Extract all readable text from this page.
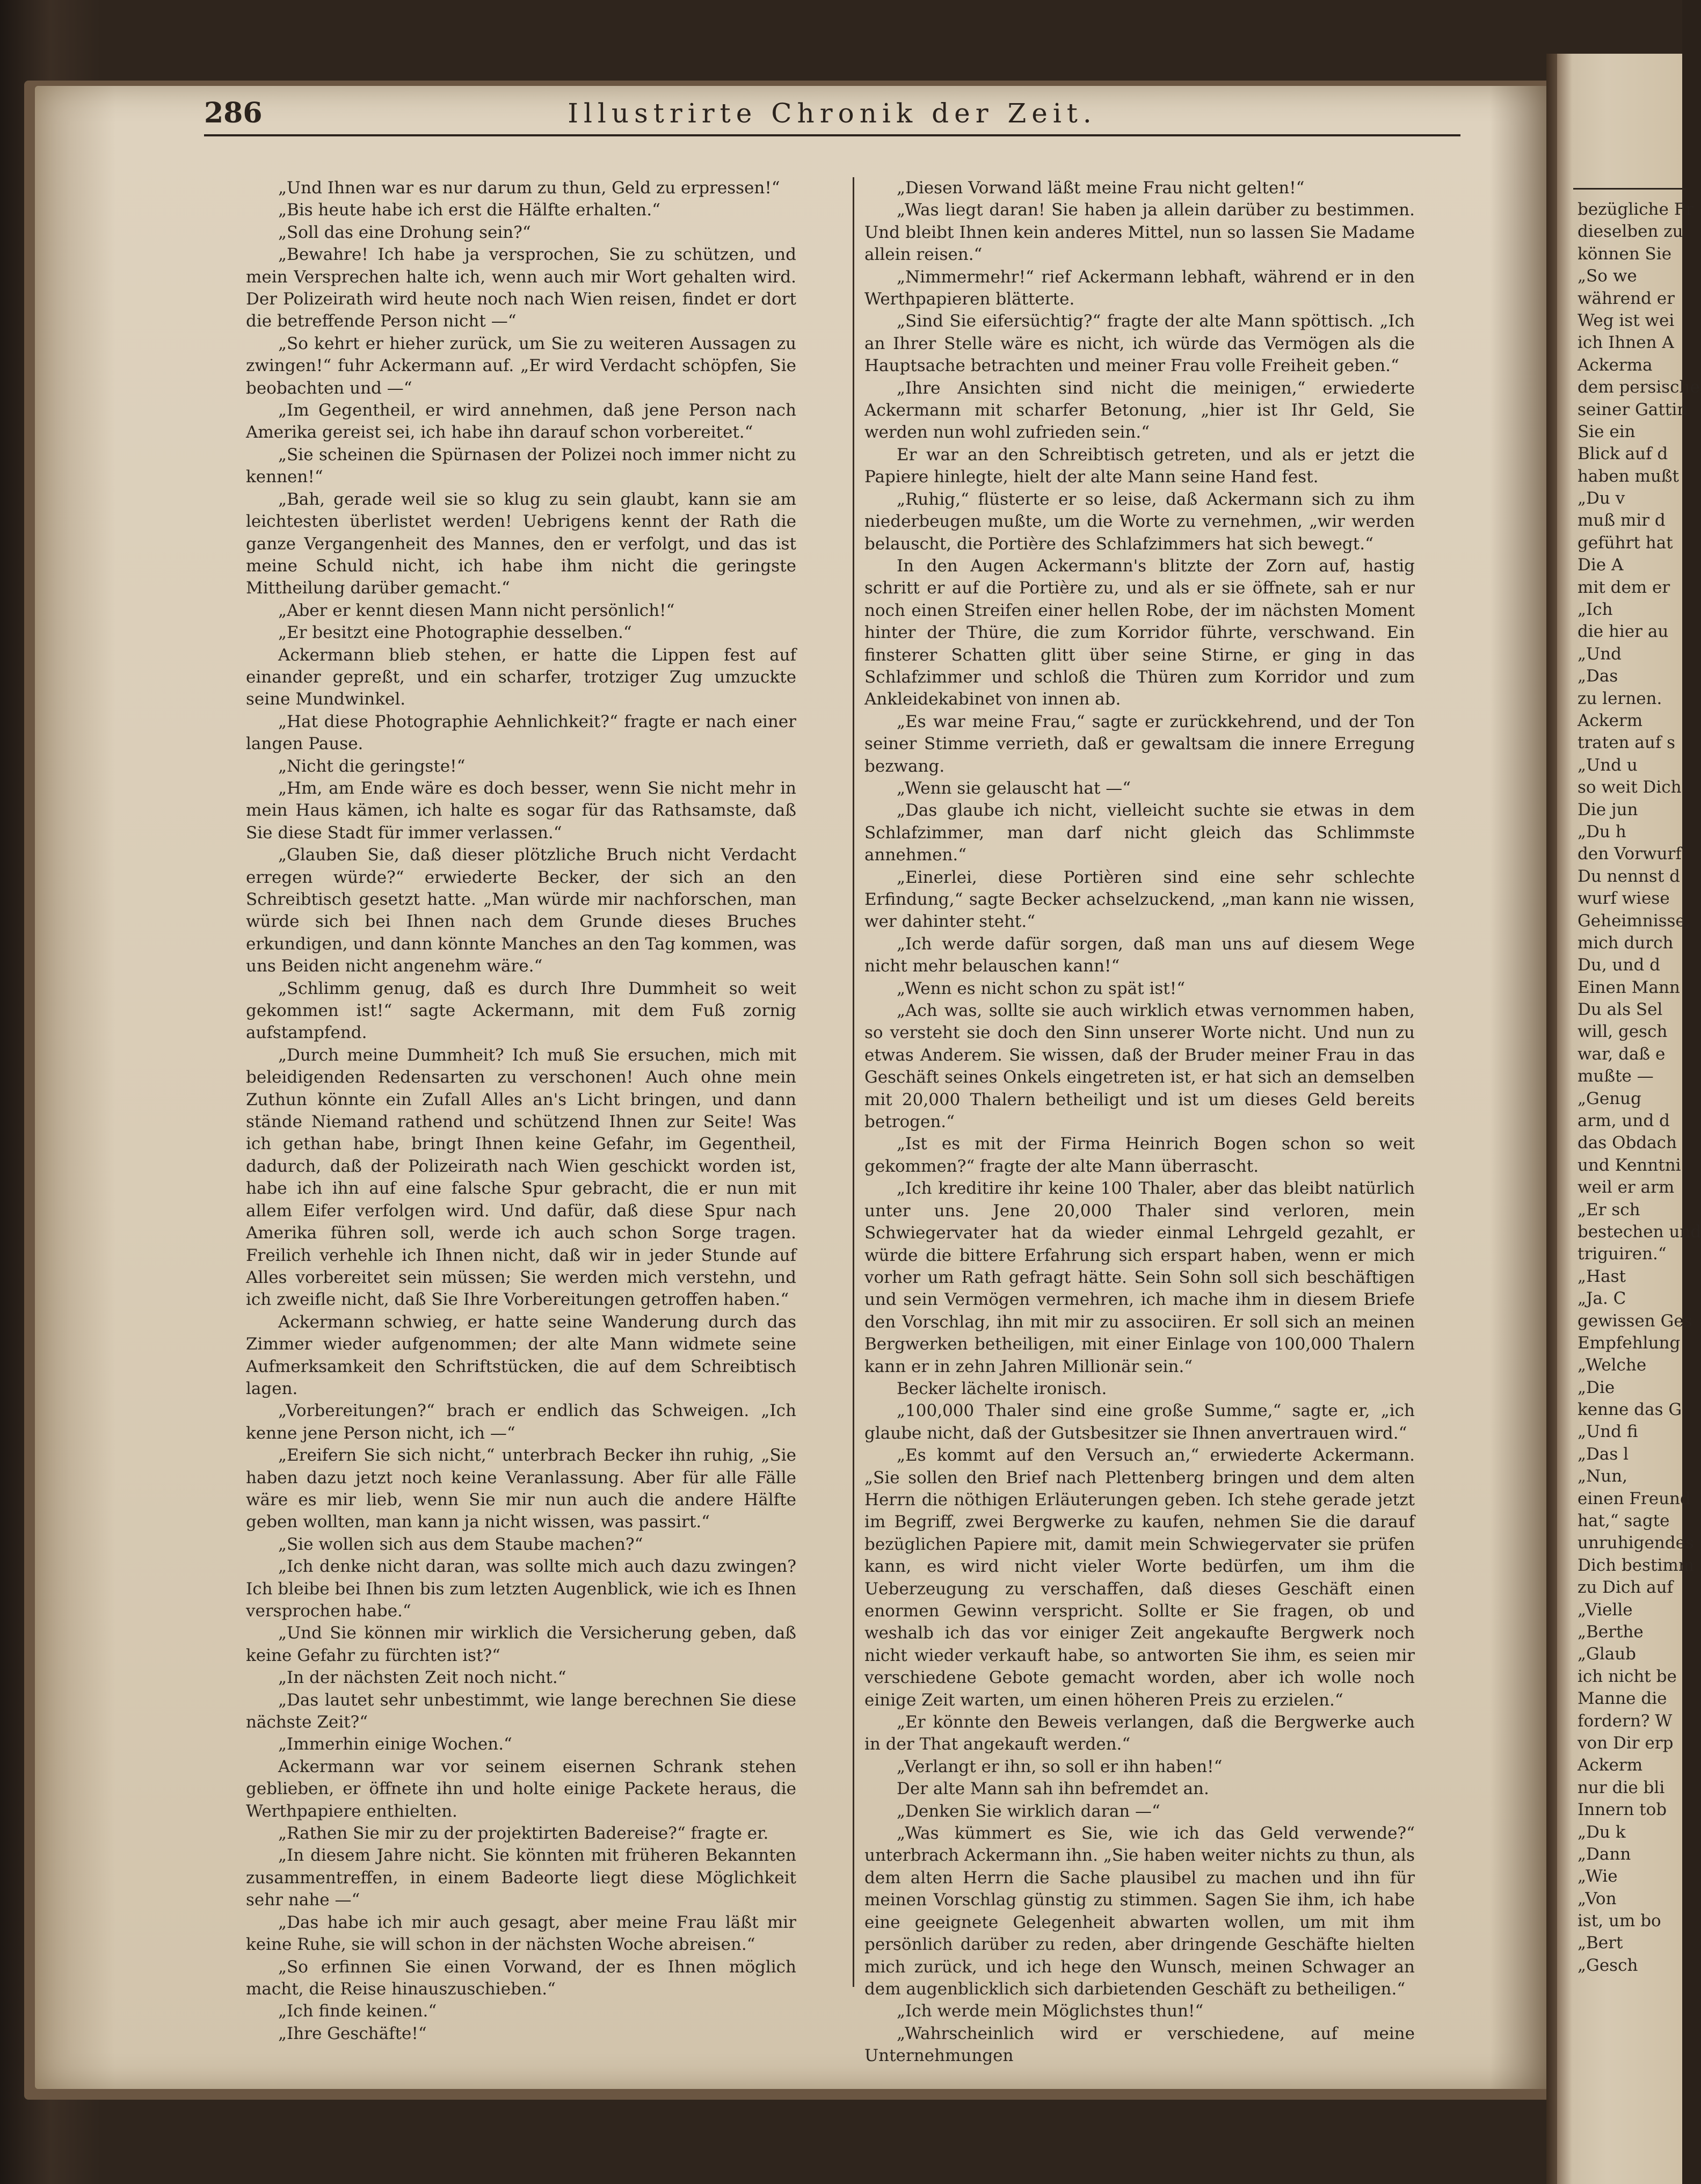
286	Illustrirte Chronik der Zeit.

„Und Ihnen war es nur darum zu thun, Geld zu erpressen!“

„Bis heute habe ich erst die Hälfte erhalten.“

„Soll das eine Drohung sein?“

„Bewahre! Ich habe ja versprochen, Sie zu schützen, und mein Versprechen halte ich, wenn auch mir Wort gehalten wird. Der Polizeirath wird heute noch nach Wien reisen, findet er dort die betreffende Person nicht —“

„So kehrt er hieher zurück, um Sie zu weiteren Aussagen zu zwingen!“ fuhr Ackermann auf. „Er wird Verdacht schöpfen, Sie beobachten und —“

„Im Gegentheil, er wird annehmen, daß jene Person nach Amerika gereist sei, ich habe ihn darauf schon vorbereitet.“

„Sie scheinen die Spürnasen der Polizei noch immer nicht zu kennen!“

„Bah, gerade weil sie so klug zu sein glaubt, kann sie am leichtesten überlistet werden! Uebrigens kennt der Rath die ganze Vergangenheit des Mannes, den er verfolgt, und das ist meine Schuld nicht, ich habe ihm nicht die geringste Mittheilung darüber gemacht.“

„Aber er kennt diesen Mann nicht persönlich!“

„Er besitzt eine Photographie desselben.“

Ackermann blieb stehen, er hatte die Lippen fest auf einander gepreßt, und ein scharfer, trotziger Zug umzuckte seine Mundwinkel.

„Hat diese Photographie Aehnlichkeit?“ fragte er nach einer langen Pause.

„Nicht die geringste!“

„Hm, am Ende wäre es doch besser, wenn Sie nicht mehr in mein Haus kämen, ich halte es sogar für das Rathsamste, daß Sie diese Stadt für immer verlassen.“

„Glauben Sie, daß dieser plötzliche Bruch nicht Verdacht erregen würde?“ erwiederte Becker, der sich an den Schreibtisch gesetzt hatte. „Man würde mir nachforschen, man würde sich bei Ihnen nach dem Grunde dieses Bruches erkundigen, und dann könnte Manches an den Tag kommen, was uns Beiden nicht angenehm wäre.“

„Schlimm genug, daß es durch Ihre Dummheit so weit gekommen ist!“ sagte Ackermann, mit dem Fuß zornig aufstampfend.

„Durch meine Dummheit? Ich muß Sie ersuchen, mich mit beleidigenden Redensarten zu verschonen! Auch ohne mein Zuthun könnte ein Zufall Alles an's Licht bringen, und dann stände Niemand rathend und schützend Ihnen zur Seite! Was ich gethan habe, bringt Ihnen keine Gefahr, im Gegentheil, dadurch, daß der Polizeirath nach Wien geschickt worden ist, habe ich ihn auf eine falsche Spur gebracht, die er nun mit allem Eifer verfolgen wird. Und dafür, daß diese Spur nach Amerika führen soll, werde ich auch schon Sorge tragen. Freilich verhehle ich Ihnen nicht, daß wir in jeder Stunde auf Alles vorbereitet sein müssen; Sie werden mich verstehn, und ich zweifle nicht, daß Sie Ihre Vorbereitungen getroffen haben.“

Ackermann schwieg, er hatte seine Wanderung durch das Zimmer wieder aufgenommen; der alte Mann widmete seine Aufmerksamkeit den Schriftstücken, die auf dem Schreibtisch lagen.

„Vorbereitungen?“ brach er endlich das Schweigen. „Ich kenne jene Person nicht, ich —“

„Ereifern Sie sich nicht,“ unterbrach Becker ihn ruhig, „Sie haben dazu jetzt noch keine Veranlassung. Aber für alle Fälle wäre es mir lieb, wenn Sie mir nun auch die andere Hälfte geben wollten, man kann ja nicht wissen, was passirt.“

„Sie wollen sich aus dem Staube machen?“

„Ich denke nicht daran, was sollte mich auch dazu zwingen? Ich bleibe bei Ihnen bis zum letzten Augenblick, wie ich es Ihnen versprochen habe.“

„Und Sie können mir wirklich die Versicherung geben, daß keine Gefahr zu fürchten ist?“

„In der nächsten Zeit noch nicht.“

„Das lautet sehr unbestimmt, wie lange berechnen Sie diese nächste Zeit?“

„Immerhin einige Wochen.“

Ackermann war vor seinem eisernen Schrank stehen geblieben, er öffnete ihn und holte einige Packete heraus, die Werthpapiere enthielten.

„Rathen Sie mir zu der projektirten Badereise?“ fragte er.

„In diesem Jahre nicht. Sie könnten mit früheren Bekannten zusammentreffen, in einem Badeorte liegt diese Möglichkeit sehr nahe —“

„Das habe ich mir auch gesagt, aber meine Frau läßt mir keine Ruhe, sie will schon in der nächsten Woche abreisen.“

„So erfinnen Sie einen Vorwand, der es Ihnen möglich macht, die Reise hinauszuschieben.“

„Ich finde keinen.“

„Ihre Geschäfte!“

„Diesen Vorwand läßt meine Frau nicht gelten!“

„Was liegt daran! Sie haben ja allein darüber zu bestimmen. Und bleibt Ihnen kein anderes Mittel, nun so lassen Sie Madame allein reisen.“

„Nimmermehr!“ rief Ackermann lebhaft, während er in den Werthpapieren blätterte.

„Sind Sie eifersüchtig?“ fragte der alte Mann spöttisch. „Ich an Ihrer Stelle wäre es nicht, ich würde das Vermögen als die Hauptsache betrachten und meiner Frau volle Freiheit geben.“

„Ihre Ansichten sind nicht die meinigen,“ erwiederte Ackermann mit scharfer Betonung, „hier ist Ihr Geld, Sie werden nun wohl zufrieden sein.“

Er war an den Schreibtisch getreten, und als er jetzt die Papiere hinlegte, hielt der alte Mann seine Hand fest.

„Ruhig,“ flüsterte er so leise, daß Ackermann sich zu ihm niederbeugen mußte, um die Worte zu vernehmen, „wir werden belauscht, die Portière des Schlafzimmers hat sich bewegt.“

In den Augen Ackermann's blitzte der Zorn auf, hastig schritt er auf die Portière zu, und als er sie öffnete, sah er nur noch einen Streifen einer hellen Robe, der im nächsten Moment hinter der Thüre, die zum Korridor führte, verschwand. Ein finsterer Schatten glitt über seine Stirne, er ging in das Schlafzimmer und schloß die Thüren zum Korridor und zum Ankleidekabinet von innen ab.

„Es war meine Frau,“ sagte er zurückkehrend, und der Ton seiner Stimme verrieth, daß er gewaltsam die innere Erregung bezwang.

„Wenn sie gelauscht hat —“

„Das glaube ich nicht, vielleicht suchte sie etwas in dem Schlafzimmer, man darf nicht gleich das Schlimmste annehmen.“

„Einerlei, diese Portièren sind eine sehr schlechte Erfindung,“ sagte Becker achselzuckend, „man kann nie wissen, wer dahinter steht.“

„Ich werde dafür sorgen, daß man uns auf diesem Wege nicht mehr belauschen kann!“

„Wenn es nicht schon zu spät ist!“

„Ach was, sollte sie auch wirklich etwas vernommen haben, so versteht sie doch den Sinn unserer Worte nicht. Und nun zu etwas Anderem. Sie wissen, daß der Bruder meiner Frau in das Geschäft seines Onkels eingetreten ist, er hat sich an demselben mit 20,000 Thalern betheiligt und ist um dieses Geld bereits betrogen.“

„Ist es mit der Firma Heinrich Bogen schon so weit gekommen?“ fragte der alte Mann überrascht.

„Ich kreditire ihr keine 100 Thaler, aber das bleibt natürlich unter uns. Jene 20,000 Thaler sind verloren, mein Schwiegervater hat da wieder einmal Lehrgeld gezahlt, er würde die bittere Erfahrung sich erspart haben, wenn er mich vorher um Rath gefragt hätte. Sein Sohn soll sich beschäftigen und sein Vermögen vermehren, ich mache ihm in diesem Briefe den Vorschlag, ihn mit mir zu associiren. Er soll sich an meinen Bergwerken betheiligen, mit einer Einlage von 100,000 Thalern kann er in zehn Jahren Millionär sein.“

Becker lächelte ironisch.

„100,000 Thaler sind eine große Summe,“ sagte er, „ich glaube nicht, daß der Gutsbesitzer sie Ihnen anvertrauen wird.“

„Es kommt auf den Versuch an,“ erwiederte Ackermann. „Sie sollen den Brief nach Plettenberg bringen und dem alten Herrn die nöthigen Erläuterungen geben. Ich stehe gerade jetzt im Begriff, zwei Bergwerke zu kaufen, nehmen Sie die darauf bezüglichen Papiere mit, damit mein Schwiegervater sie prüfen kann, es wird nicht vieler Worte bedürfen, um ihm die Ueberzeugung zu verschaffen, daß dieses Geschäft einen enormen Gewinn verspricht. Sollte er Sie fragen, ob und weshalb ich das vor einiger Zeit angekaufte Bergwerk noch nicht wieder verkauft habe, so antworten Sie ihm, es seien mir verschiedene Gebote gemacht worden, aber ich wolle noch einige Zeit warten, um einen höheren Preis zu erzielen.“

„Er könnte den Beweis verlangen, daß die Bergwerke auch in der That angekauft werden.“

„Verlangt er ihn, so soll er ihn haben!“

Der alte Mann sah ihn befremdet an.

„Denken Sie wirklich daran —“

„Was kümmert es Sie, wie ich das Geld verwende?“ unterbrach Ackermann ihn. „Sie haben weiter nichts zu thun, als dem alten Herrn die Sache plausibel zu machen und ihn für meinen Vorschlag günstig zu stimmen. Sagen Sie ihm, ich habe eine geeignete Gelegenheit abwarten wollen, um mit ihm persönlich darüber zu reden, aber dringende Geschäfte hielten mich zurück, und ich hege den Wunsch, meinen Schwager an dem augenblicklich sich darbietenden Geschäft zu betheiligen.“

„Ich werde mein Möglichstes thun!“

„Wahrscheinlich wird er verschiedene, auf meine Unternehmungen

bezügliche Fr
dieselben zu
können Sie
„So we
während er
Weg ist wei
ich Ihnen A
Ackerma
dem persische
seiner Gattin
Sie ein
Blick auf d
haben mußt
„Du v
muß mir d
geführt hat
Die A
mit dem er
„Ich
die hier au
„Und
„Das
zu lernen.
Ackerm
traten auf s
„Und u
so weit Dich
Die jun
„Du h
den Vorwurf
Du nennst d
wurf wiese
Geheimnisse,
mich durch
Du, und d
Einen Mann
Du als Sel
will, gesch
war, daß e
mußte —
„Genug
arm, und d
das Obdach
und Kenntni
weil er arm
„Er sch
bestechen und
triguiren.“
„Hast
„Ja. C
gewissen Ges
Empfehlung
„Welche
„Die
kenne das G
„Und fi
„Das l
„Nun,
einen Freund
hat,“ sagte
unruhigendes
Dich bestimm
zu Dich auf
„Vielle
„Berthe
„Glaub
ich nicht be
Manne die
fordern? W
von Dir erp
Ackerm
nur die bli
Innern tob
„Du k
„Dann
„Wie
„Von
ist, um bo
„Bert
„Gesch
